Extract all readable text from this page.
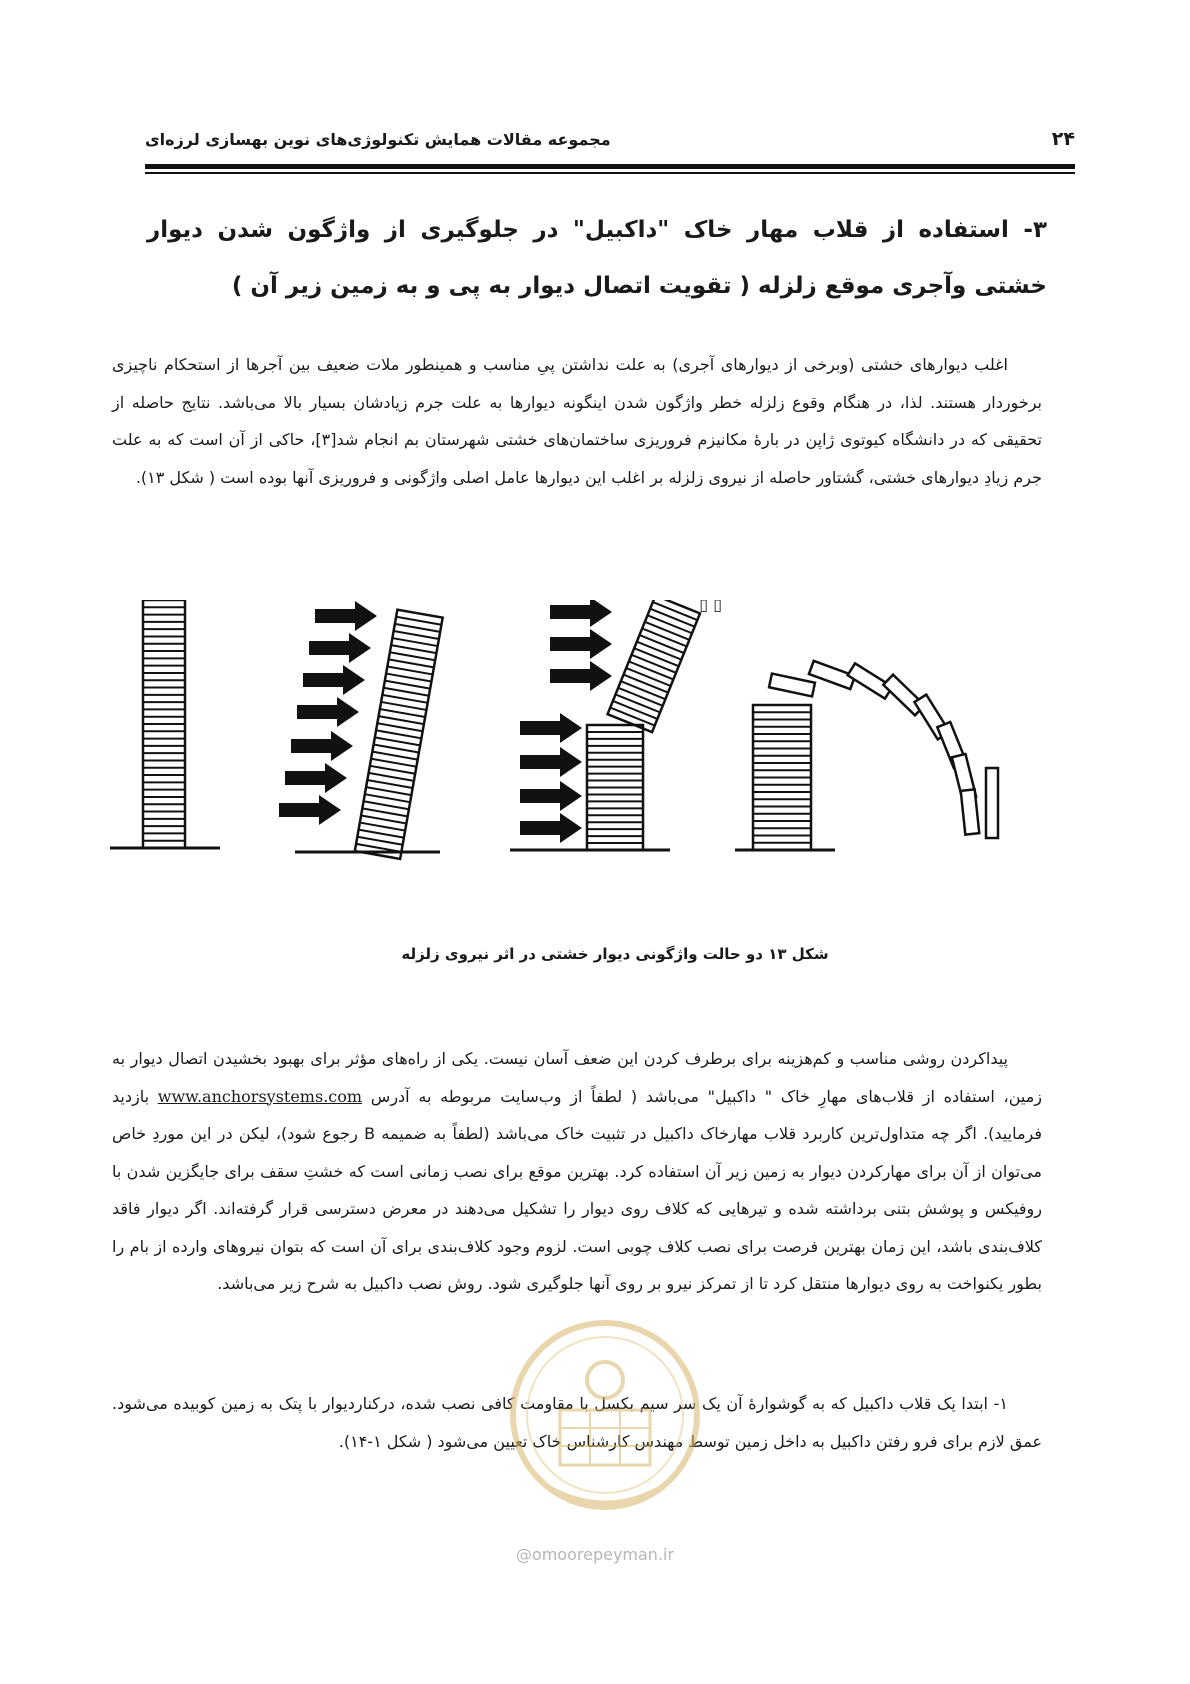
۲۴
مجموعه مقالات همایش تکنولوژی‌های نوین بهسازی لرزه‌ای
۳- استفاده از قلاب مهار خاک "داکبیل" در جلوگیری از واژگون شدن دیوار خشتی وآجری موقع زلزله ( تقویت اتصال دیوار به پی و به زمین زیر آن )

اغلب دیوارهای خشتی (وبرخی از دیوارهای آجری) به علت نداشتن پیِ مناسب و همینطور ملات ضعیف بین آجرها از استحکام ناچیزی برخوردار هستند. لذا، در هنگام وقوع زلزله خطر واژگون شدن اینگونه دیوارها به علت جرم زیادشان بسیار بالا می‌باشد. نتایج حاصله از تحقیقی که در دانشگاه کیوتوی ژاپن در بارهٔ مکانیزم فروریزی ساختمان‌های خشتی شهرستان بم انجام شد[۳]، حاکی از آن است که به علت جرم زیادِ دیوارهای خشتی، گشتاور حاصله از نیروی زلزله بر اغلب این دیوارها عامل اصلی واژگونی و فروریزی آنها بوده است ( شکل ۱۳).

▯ ▯
شکل ۱۳ دو حالت واژگونی دیوار خشتی در اثر نیروی زلزله

پیداکردن روشی مناسب و کم‌هزینه برای برطرف کردن این ضعف آسان نیست. یکی از راه‌های مؤثر برای بهبود بخشیدن اتصال دیوار به زمین، استفاده از قلاب‌های مهارِ خاک " داکبیل" می‌باشد ( لطفاً از وب‌سایت مربوطه به آدرس www.anchorsystems.com بازدید فرمایید). اگر چه متداول‌ترین کاربرد قلاب مهارخاک داکبیل در تثبیت خاک می‌باشد (لطفاً به ضمیمه B رجوع شود)، لیکن در این موردِ خاص می‌توان از آن برای مهارکردن دیوار به زمین زیر آن استفاده کرد. بهترین موقع برای نصب زمانی است که خشتِ سقف برای جایگزین شدن با روفیکس و پوشش بتنی برداشته شده و تیرهایی که کلاف روی دیوار را تشکیل می‌دهند در معرض دسترسی قرار گرفته‌اند. اگر دیوار فاقد کلاف‌بندی باشد، این زمان بهترین فرصت برای نصب کلاف چوبی است. لزوم وجود کلاف‌بندی برای آن است که بتوان نیروهای وارده از بام را بطور یکنواخت به روی دیوارها منتقل کرد تا از تمرکز نیرو بر روی آنها جلوگیری شود. روش نصب داکبیل به شرح زیر می‌باشد.

۱- ابتدا یک قلاب داکبیل که به گوشوارهٔ آن یک سر سیم بکسل با مقاومت کافی نصب شده، درکناردیوار با پتک به زمین کوبیده می‌شود. عمق لازم برای فرو رفتن داکبیل به داخل زمین توسط مهندس کارشناس خاک تعیین می‌شود ( شکل ۱-۱۴).

@omoorepeyman.ir
